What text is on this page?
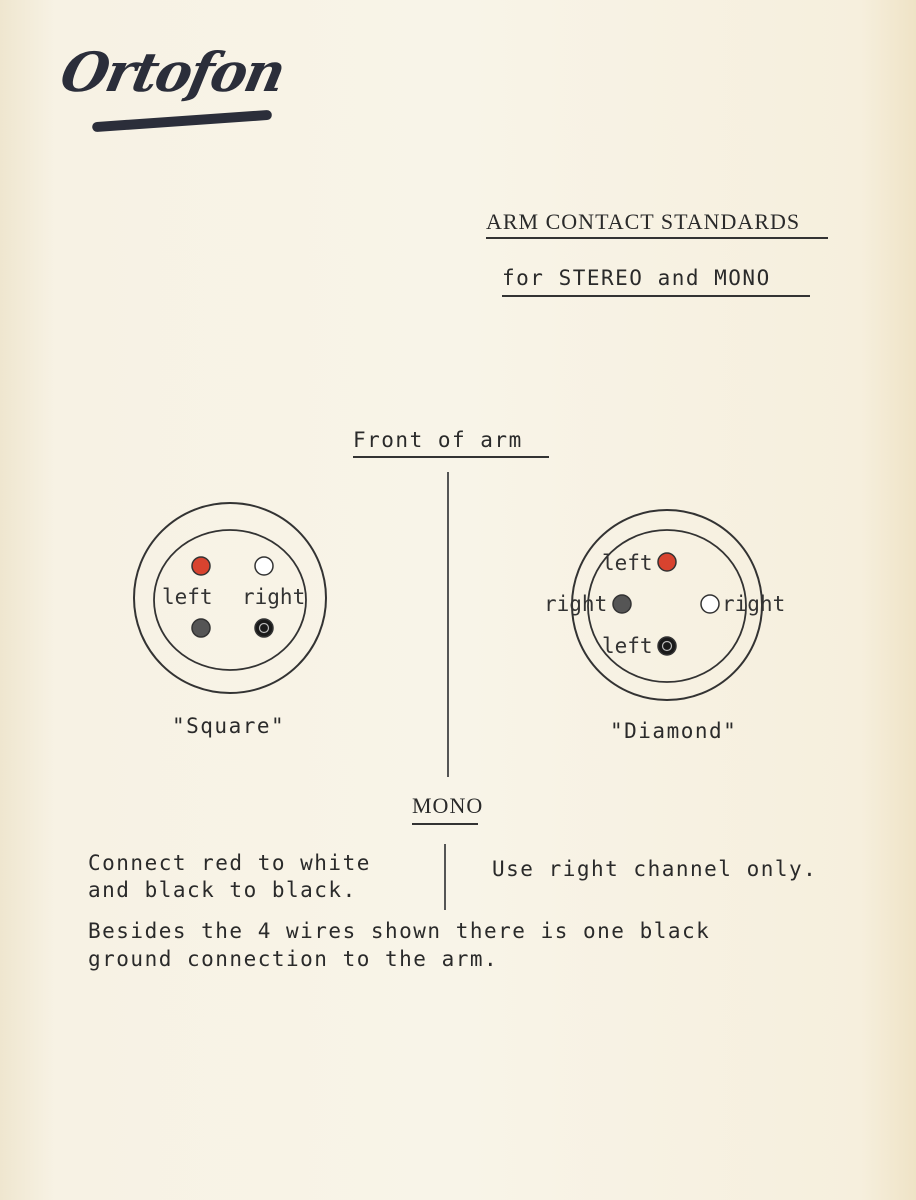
Ortofon
ARM CONTACT STANDARDS
for STEREO and MONO
Front of arm
left right
"Square"
left
right	right
left
"Diamond"
MONO
Connect red to white
and black to black.
Use right channel only.
Besides the 4 wires shown there is one black
ground connection to the arm.
